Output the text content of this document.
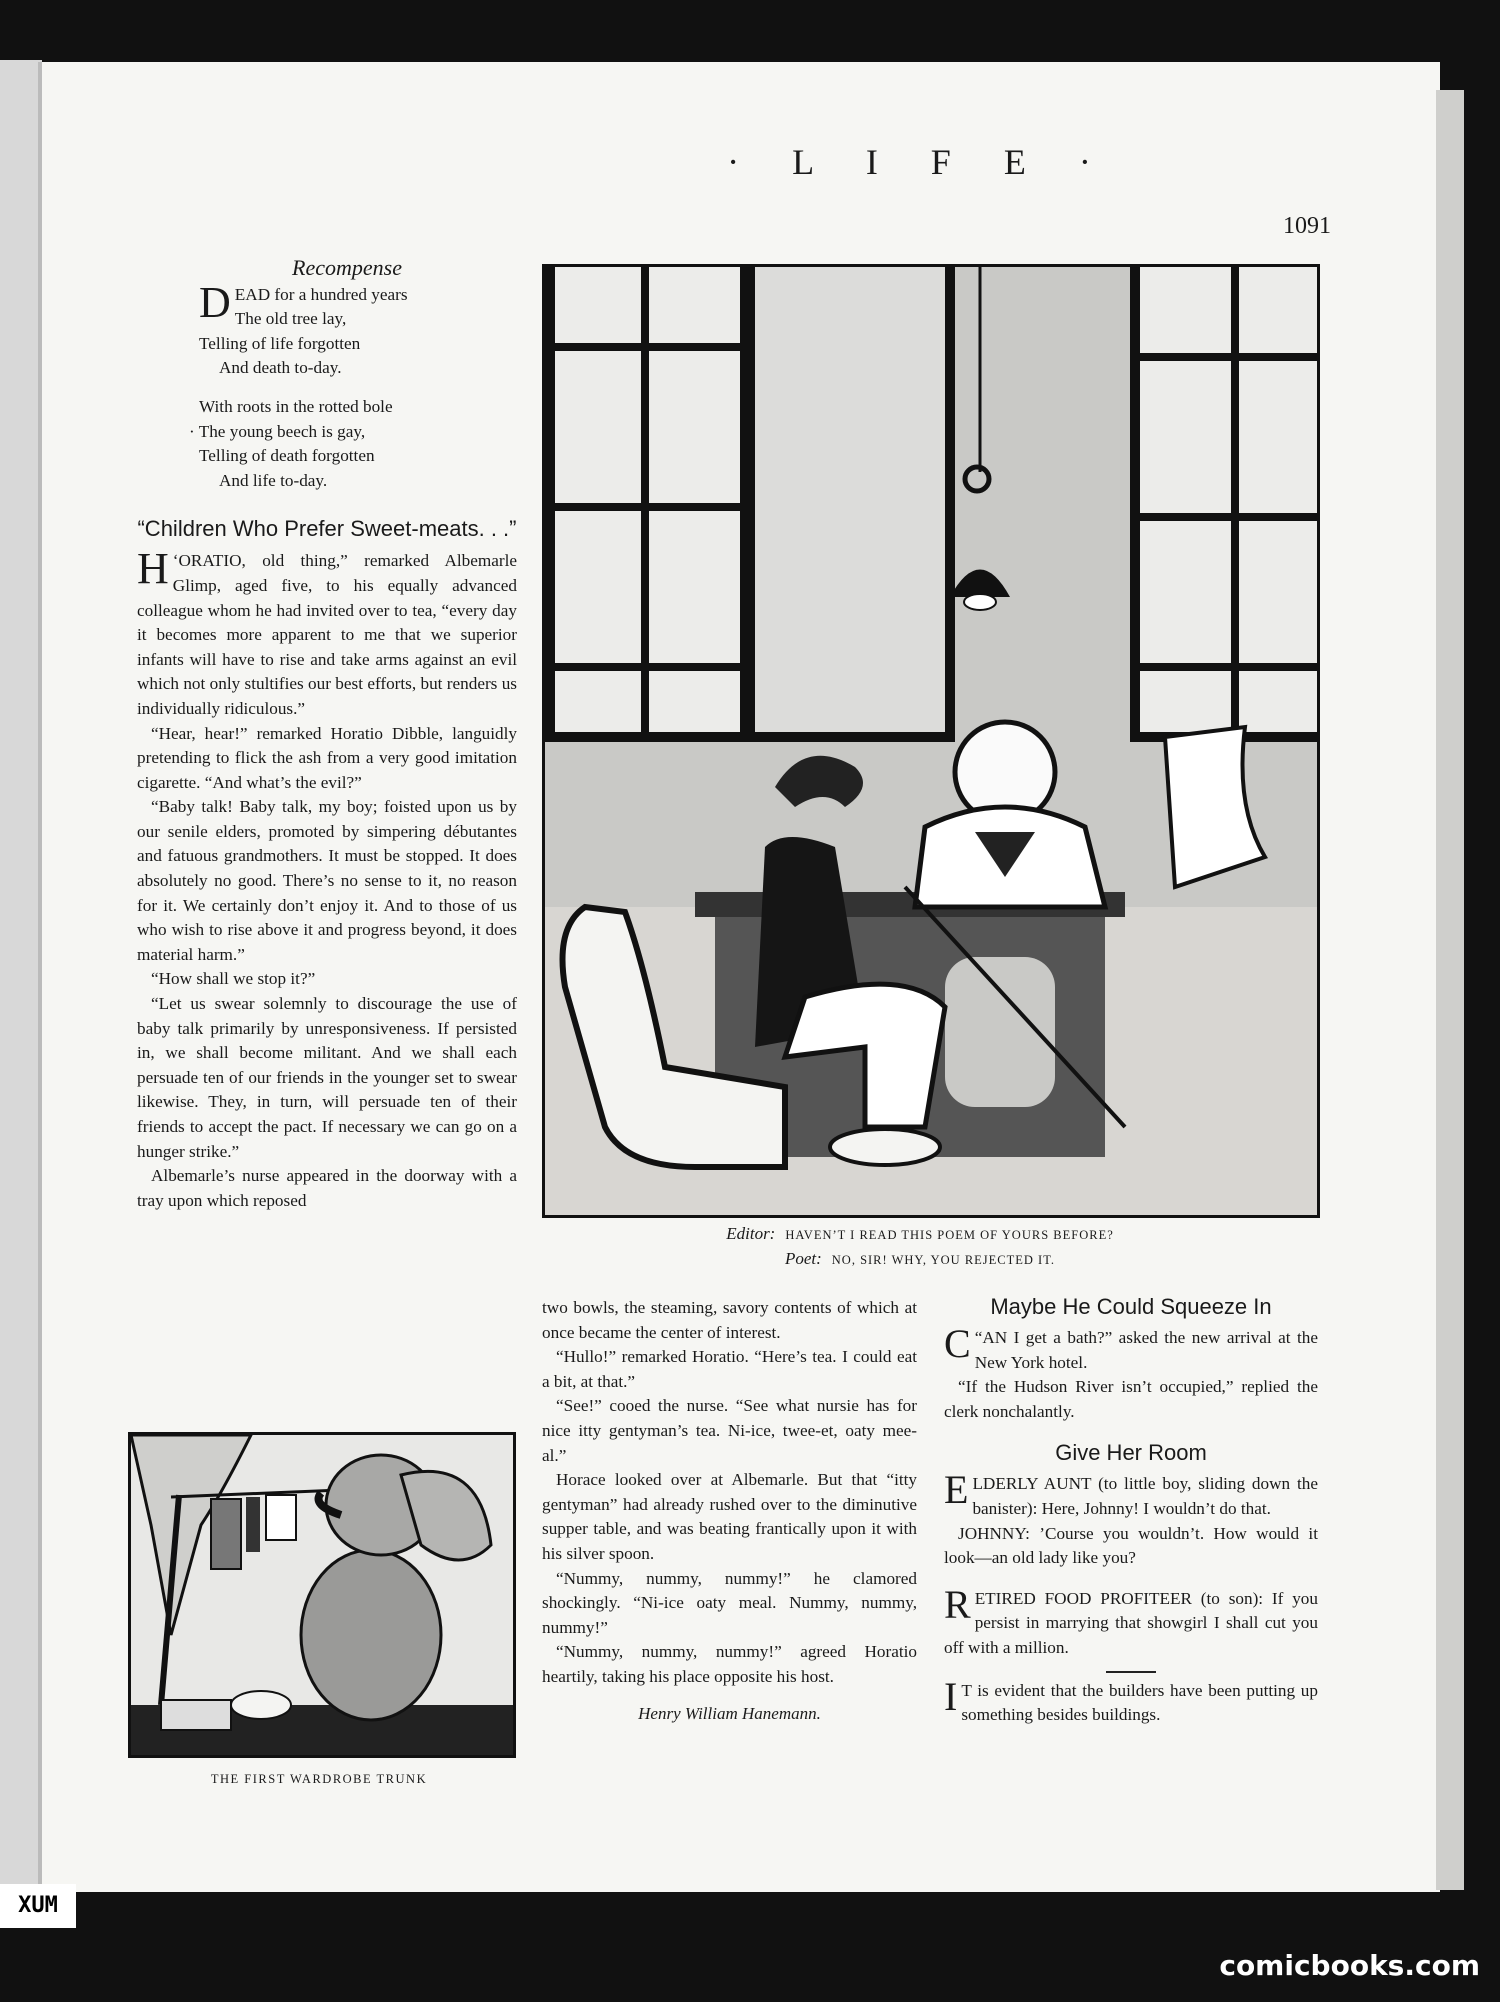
· L I F E ·
1091
Recompense
D EAD for a hundred years
The old tree lay,
Telling of life forgotten
And death to-day.
With roots in the rotted bole
· The young beech is gay,
Telling of death forgotten
And life to-day.
“Children Who Prefer Sweet-meats. . .”

‘
H ORATIO, old thing,” remarked Albemarle Glimp, aged five, to his equally advanced colleague whom he had invited over to tea, “every day it becomes more apparent to me that we superior infants will have to rise and take arms against an evil which not only stultifies our best efforts, but renders us individually ridiculous.”

“Hear, hear!” remarked Horatio Dibble, languidly pretending to flick the ash from a very good imitation cigarette. “And what’s the evil?”

“Baby talk! Baby talk, my boy; foisted upon us by our senile elders, promoted by simpering débutantes and fatuous grandmothers. It must be stopped. It does absolutely no good. There’s no sense to it, no reason for it. We certainly don’t enjoy it. And to those of us who wish to rise above it and progress beyond, it does material harm.”

“How shall we stop it?”

“Let us swear solemnly to discourage the use of baby talk primarily by unresponsiveness. If persisted in, we shall become militant. And we shall each persuade ten of our friends in the younger set to swear likewise. They, in turn, will persuade ten of their friends to accept the pact. If necessary we can go on a hunger strike.”

Albemarle’s nurse appeared in the doorway with a tray upon which reposed

Editor: HAVEN’T I READ THIS POEM OF YOURS BEFORE?
Poet: NO, SIR! WHY, YOU REJECTED IT.
THE FIRST WARDROBE TRUNK

two bowls, the steaming, savory contents of which at once became the center of interest.

“Hullo!” remarked Horatio. “Here’s tea. I could eat a bit, at that.”

“See!” cooed the nurse. “See what nursie has for nice itty gentyman’s tea. Ni-ice, twee-et, oaty mee-al.”

Horace looked over at Albemarle. But that “itty gentyman” had already rushed over to the diminutive supper table, and was beating frantically upon it with his silver spoon.

“Nummy, nummy, nummy!” he clamored shockingly. “Ni-ice oaty meal. Nummy, nummy, nummy!”

“Nummy, nummy, nummy!” agreed Horatio heartily, taking his place opposite his host.

Henry William Hanemann.
Maybe He Could Squeeze In

“
C AN I get a bath?” asked the new arrival at the New York hotel.

“If the Hudson River isn’t occupied,” replied the clerk nonchalantly.

Give Her Room

ELDERLY AUNT (to little boy, sliding down the banister): Here, Johnny! I wouldn’t do that.

JOHNNY: ’Course you wouldn’t. How would it look—an old lady like you?

RETIRED FOOD PROFITEER (to son): If you persist in marrying that showgirl I shall cut you off with a million.

I T is evident that the builders have been putting up something besides buildings.

comicbooks.com
XUM
